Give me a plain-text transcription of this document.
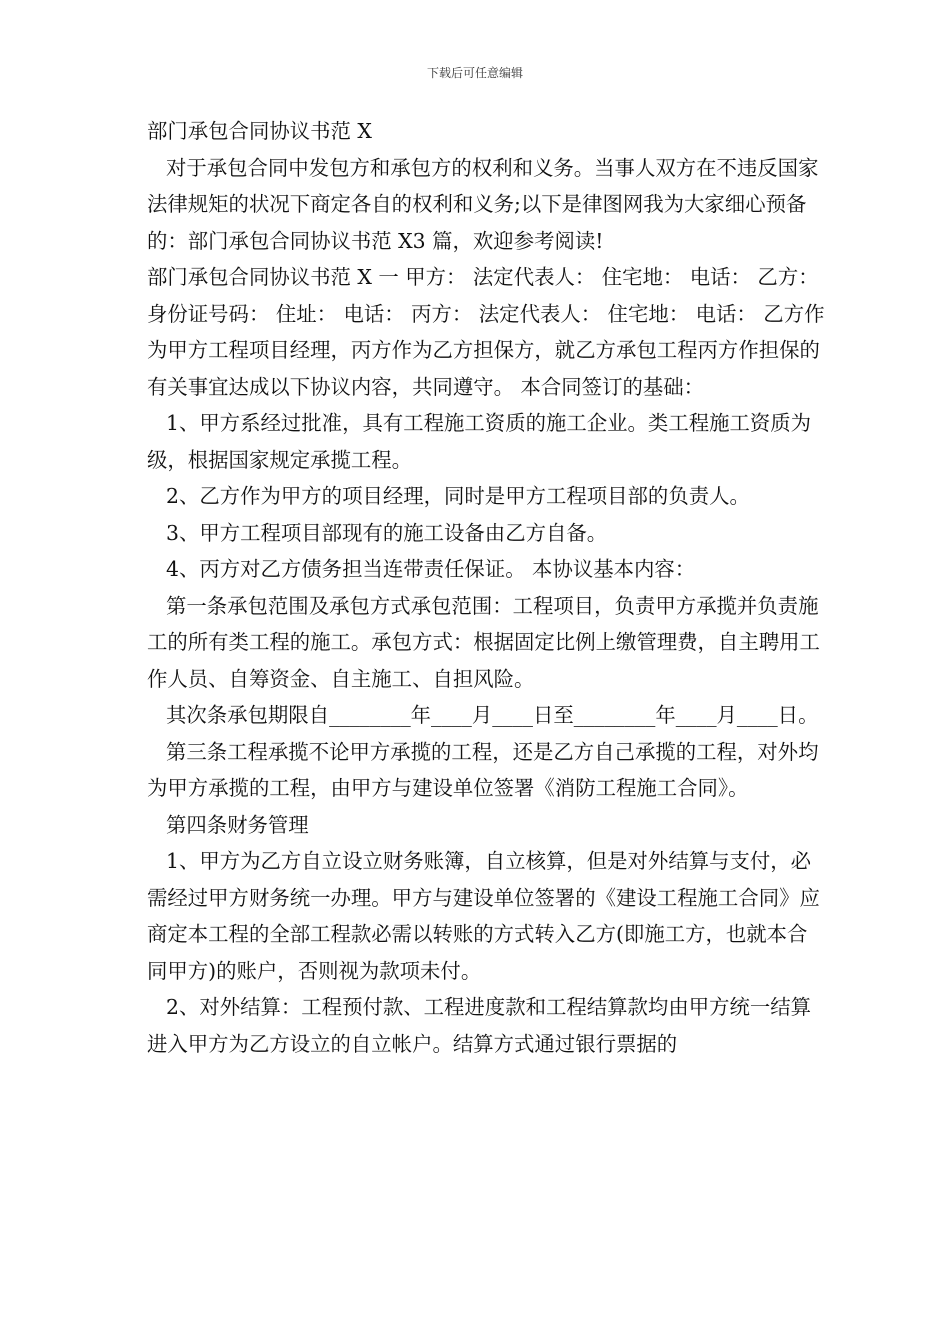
下载后可任意编辑

部门承包合同协议书范 X

对于承包合同中发包方和承包方的权利和义务。当事人双方在不违反国家法律规矩的状况下商定各自的权利和义务;以下是律图网我为大家细心预备的：部门承包合同协议书范 X3 篇，欢迎参考阅读!

部门承包合同协议书范 X 一 甲方： 法定代表人： 住宅地： 电话： 乙方： 身份证号码： 住址： 电话： 丙方： 法定代表人： 住宅地： 电话： 乙方作为甲方工程项目经理，丙方作为乙方担保方，就乙方承包工程丙方作担保的有关事宜达成以下协议内容，共同遵守。 本合同签订的基础：

1、甲方系经过批准，具有工程施工资质的施工企业。类工程施工资质为级，根据国家规定承揽工程。

2、乙方作为甲方的项目经理，同时是甲方工程项目部的负责人。

3、甲方工程项目部现有的施工设备由乙方自备。

4、丙方对乙方债务担当连带责任保证。 本协议基本内容：

第一条承包范围及承包方式承包范围：工程项目，负责甲方承揽并负责施工的所有类工程的施工。承包方式：根据固定比例上缴管理费，自主聘用工作人员、自筹资金、自主施工、自担风险。

其次条承包期限自________年____月____日至________年____月____日。

第三条工程承揽不论甲方承揽的工程，还是乙方自己承揽的工程，对外均为甲方承揽的工程，由甲方与建设单位签署《消防工程施工合同》。

第四条财务管理

1、甲方为乙方自立设立财务账簿，自立核算，但是对外结算与支付，必需经过甲方财务统一办理。甲方与建设单位签署的《建设工程施工合同》应商定本工程的全部工程款必需以转账的方式转入乙方(即施工方，也就本合同甲方)的账户，否则视为款项未付。

2、对外结算：工程预付款、工程进度款和工程结算款均由甲方统一结算进入甲方为乙方设立的自立帐户。结算方式通过银行票据的
